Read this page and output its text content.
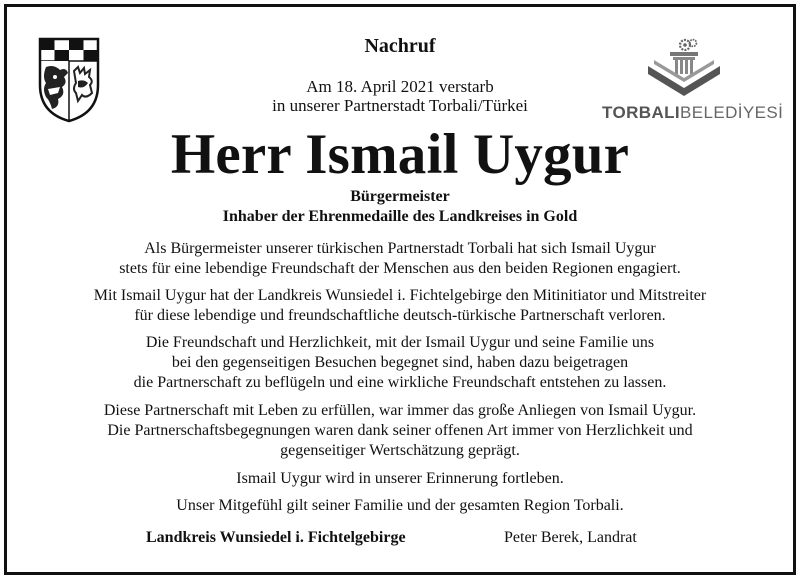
TORBALIBELEDİYESİ
Nachruf
Am 18. April 2021 verstarb
in unserer Partnerstadt Torbali/Türkei
Herr Ismail Uygur
Bürgermeister
Inhaber der Ehrenmedaille des Landkreises in Gold
Als Bürgermeister unserer türkischen Partnerstadt Torbali hat sich Ismail Uygur
stets für eine lebendige Freundschaft der Menschen aus den beiden Regionen engagiert.
Mit Ismail Uygur hat der Landkreis Wunsiedel i. Fichtelgebirge den Mitinitiator und Mitstreiter
für diese lebendige und freundschaftliche deutsch-türkische Partnerschaft verloren.
Die Freundschaft und Herzlichkeit, mit der Ismail Uygur und seine Familie uns
bei den gegenseitigen Besuchen begegnet sind, haben dazu beigetragen
die Partnerschaft zu beflügeln und eine wirkliche Freundschaft entstehen zu lassen.
Diese Partnerschaft mit Leben zu erfüllen, war immer das große Anliegen von Ismail Uygur.
Die Partnerschaftsbegegnungen waren dank seiner offenen Art immer von Herzlichkeit und
gegenseitiger Wertschätzung geprägt.
Ismail Uygur wird in unserer Erinnerung fortleben.
Unser Mitgefühl gilt seiner Familie und der gesamten Region Torbali.
Landkreis Wunsiedel i. Fichtelgebirge	Peter Berek, Landrat
